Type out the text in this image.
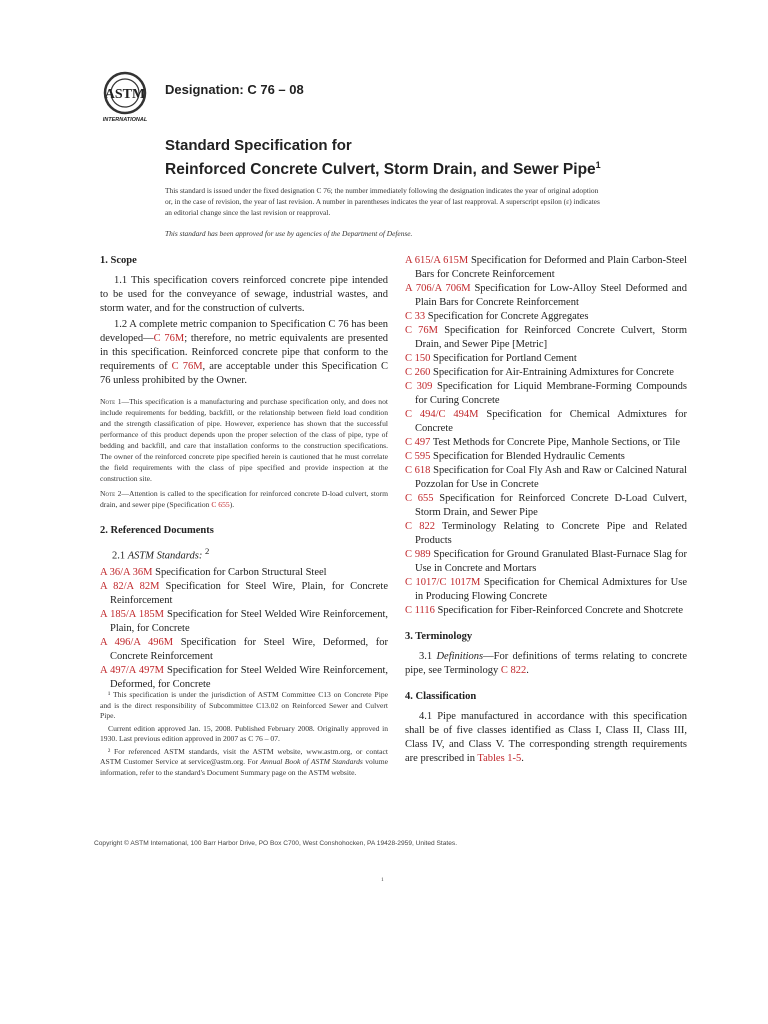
ASTM
INTERNATIONAL
Designation: C 76 – 08
Standard Specification for
Reinforced Concrete Culvert, Storm Drain, and Sewer Pipe$^1$
This standard is issued under the fixed designation C 76; the number immediately following the designation indicates the year of original adoption or, in the case of revision, the year of last revision. A number in parentheses indicates the year of last reapproval. A superscript epsilon (ε) indicates an editorial change since the last revision or reapproval.
This standard has been approved for use by agencies of the Department of Defense.
1. Scope

1.1 This specification covers reinforced concrete pipe intended to be used for the conveyance of sewage, industrial wastes, and storm water, and for the construction of culverts.

1.2 A complete metric companion to Specification C 76 has been developed—C 76M; therefore, no metric equivalents are presented in this specification. Reinforced concrete pipe that conform to the requirements of C 76M, are acceptable under this Specification C 76 unless prohibited by the Owner.

Note 1—This specification is a manufacturing and purchase specification only, and does not include requirements for bedding, backfill, or the relationship between field load condition and the strength classification of pipe. However, experience has shown that the successful performance of this product depends upon the proper selection of the class of pipe, type of bedding and backfill, and care that installation conforms to the construction specifications. The owner of the reinforced concrete pipe specified herein is cautioned that he must correlate the field requirements with the class of pipe specified and provide inspection at the construction site.

Note 2—Attention is called to the specification for reinforced concrete D-load culvert, storm drain, and sewer pipe (Specification C 655).

2. Referenced Documents

2.1 ASTM Standards: $^2$

A 36/A 36M Specification for Carbon Structural Steel

A 82/A 82M Specification for Steel Wire, Plain, for Concrete Reinforcement

A 185/A 185M Specification for Steel Welded Wire Reinforcement, Plain, for Concrete

A 496/A 496M Specification for Steel Wire, Deformed, for Concrete Reinforcement

A 497/A 497M Specification for Steel Welded Wire Reinforcement, Deformed, for Concrete

¹ This specification is under the jurisdiction of ASTM Committee C13 on Concrete Pipe and is the direct responsibility of Subcommittee C13.02 on Reinforced Sewer and Culvert Pipe.

Current edition approved Jan. 15, 2008. Published February 2008. Originally approved in 1930. Last previous edition approved in 2007 as C 76 – 07.

² For referenced ASTM standards, visit the ASTM website, www.astm.org, or contact ASTM Customer Service at service@astm.org. For Annual Book of ASTM Standards volume information, refer to the standard's Document Summary page on the ASTM website.

A 615/A 615M Specification for Deformed and Plain Carbon-Steel Bars for Concrete Reinforcement

A 706/A 706M Specification for Low-Alloy Steel Deformed and Plain Bars for Concrete Reinforcement

C 33 Specification for Concrete Aggregates

C 76M Specification for Reinforced Concrete Culvert, Storm Drain, and Sewer Pipe [Metric]

C 150 Specification for Portland Cement

C 260 Specification for Air-Entraining Admixtures for Concrete

C 309 Specification for Liquid Membrane-Forming Compounds for Curing Concrete

C 494/C 494M Specification for Chemical Admixtures for Concrete

C 497 Test Methods for Concrete Pipe, Manhole Sections, or Tile

C 595 Specification for Blended Hydraulic Cements

C 618 Specification for Coal Fly Ash and Raw or Calcined Natural Pozzolan for Use in Concrete

C 655 Specification for Reinforced Concrete D-Load Culvert, Storm Drain, and Sewer Pipe

C 822 Terminology Relating to Concrete Pipe and Related Products

C 989 Specification for Ground Granulated Blast-Furnace Slag for Use in Concrete and Mortars

C 1017/C 1017M Specification for Chemical Admixtures for Use in Producing Flowing Concrete

C 1116 Specification for Fiber-Reinforced Concrete and Shotcrete

3. Terminology

3.1 Definitions—For definitions of terms relating to concrete pipe, see Terminology C 822.

4. Classification

4.1 Pipe manufactured in accordance with this specification shall be of five classes identified as Class I, Class II, Class III, Class IV, and Class V. The corresponding strength requirements are prescribed in Tables 1-5.

Copyright © ASTM International, 100 Barr Harbor Drive, PO Box C700, West Conshohocken, PA 19428-2959, United States.
1
